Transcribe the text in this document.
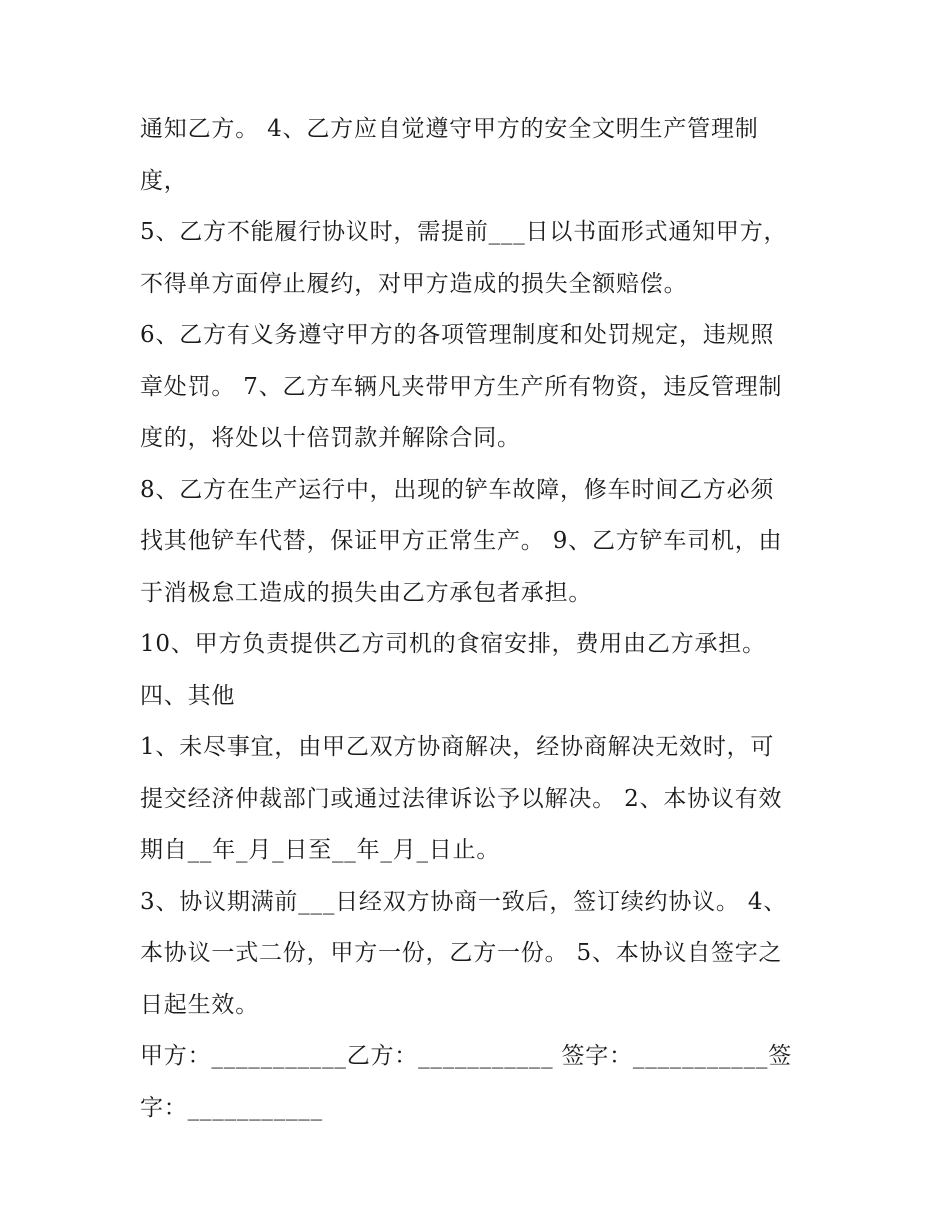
通知乙方。 4、乙方应自觉遵守甲方的安全文明生产管理制
度，
5、乙方不能履行协议时，需提前___日以书面形式通知甲方，
不得单方面停止履约，对甲方造成的损失全额赔偿。
6、乙方有义务遵守甲方的各项管理制度和处罚规定，违规照
章处罚。 7、乙方车辆凡夹带甲方生产所有物资，违反管理制
度的，将处以十倍罚款并解除合同。
8、乙方在生产运行中，出现的铲车故障，修车时间乙方必须
找其他铲车代替，保证甲方正常生产。 9、乙方铲车司机，由
于消极怠工造成的损失由乙方承包者承担。
10、甲方负责提供乙方司机的食宿安排，费用由乙方承担。
四、其他
1、未尽事宜，由甲乙双方协商解决，经协商解决无效时，可
提交经济仲裁部门或通过法律诉讼予以解决。 2、本协议有效
期自__年_月_日至__年_月_日止。
3、协议期满前___日经双方协商一致后，签订续约协议。 4、
本协议一式二份，甲方一份，乙方一份。 5、本协议自签字之
日起生效。
甲方：___________乙方：___________ 签字：___________签
字：___________
